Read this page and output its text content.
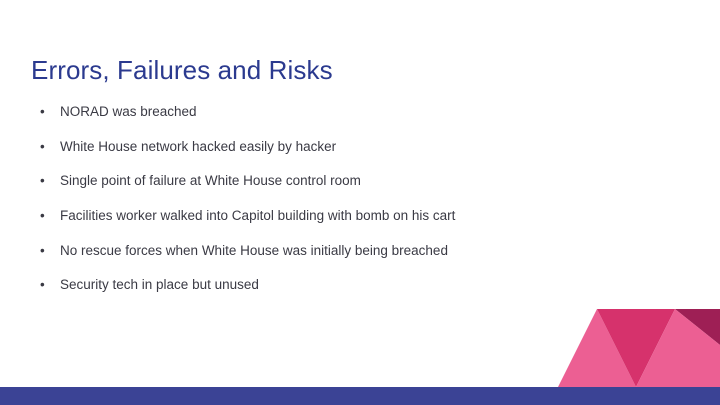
Errors, Failures and Risks
•	NORAD was breached
•	White House network hacked easily by hacker
•	Single point of failure at White House control room
•	Facilities worker walked into Capitol building with bomb on his cart
•	No rescue forces when White House was initially being breached
•	Security tech in place but unused
